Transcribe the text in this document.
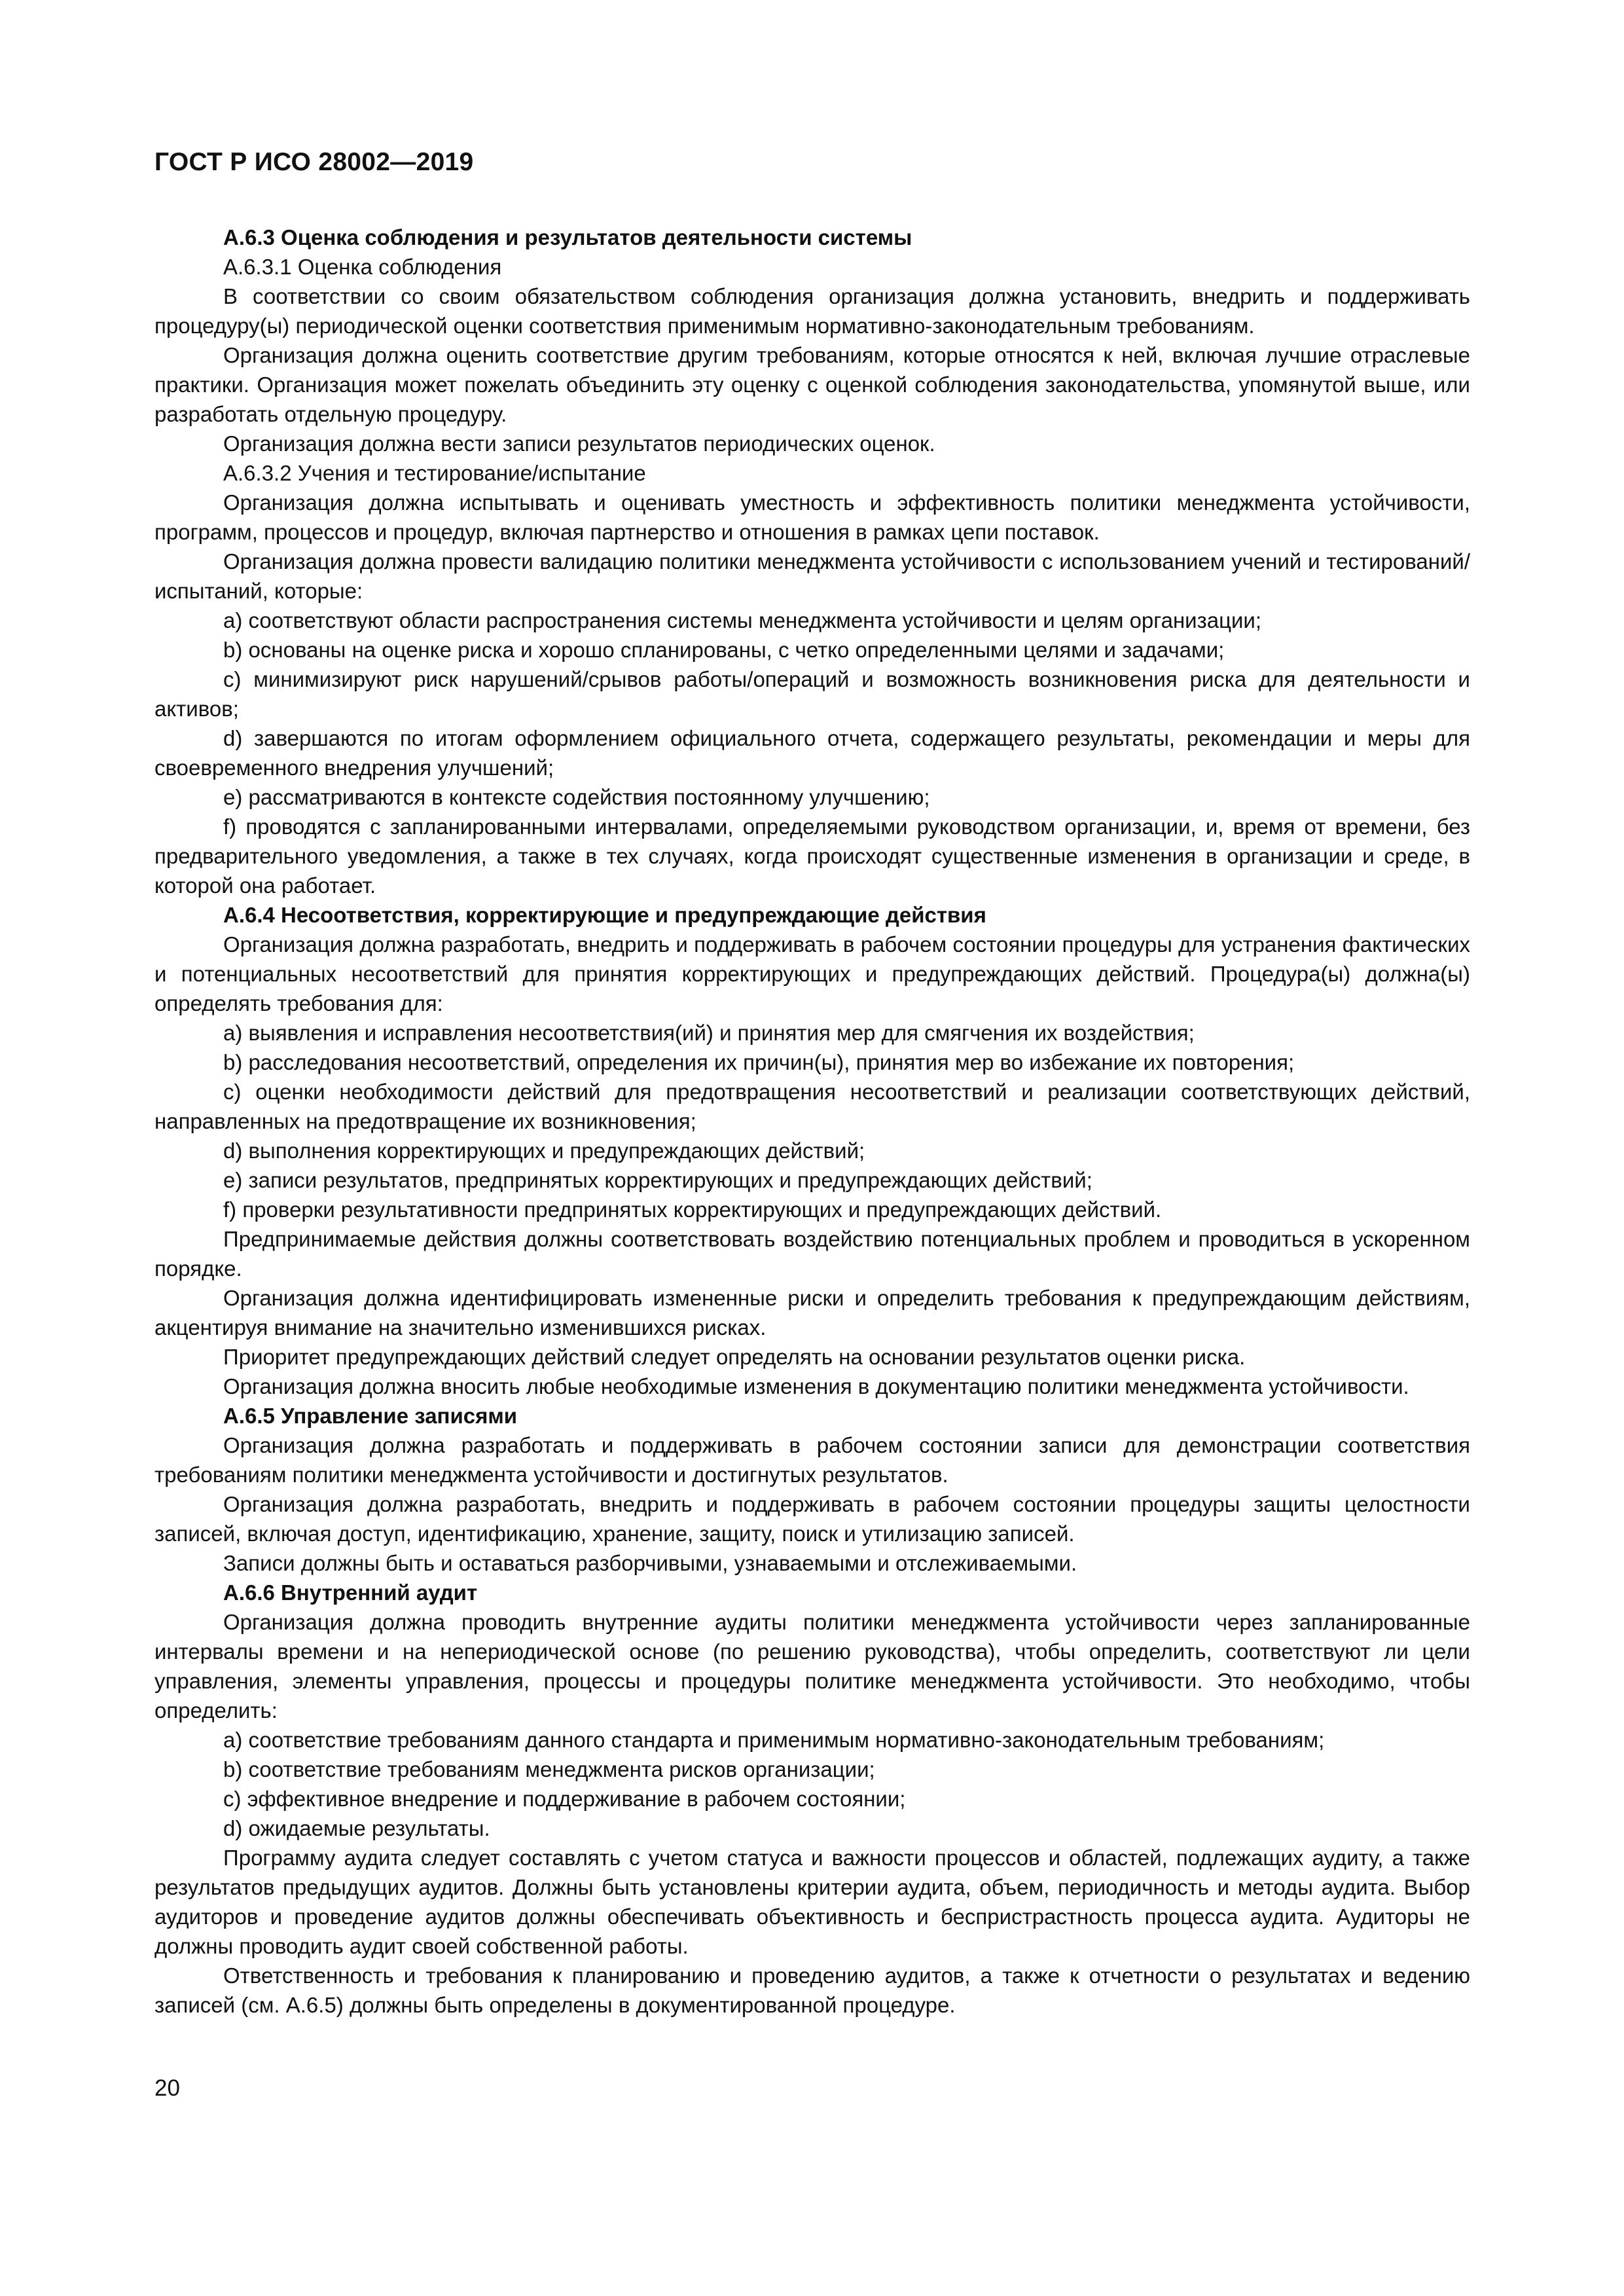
ГОСТ Р ИСО 28002—2019

А.6.3 Оценка соблюдения и результатов деятельности системы

А.6.3.1 Оценка соблюдения

В соответствии со своим обязательством соблюдения организация должна установить, внедрить и поддерживать процедуру(ы) периодической оценки соответствия применимым нормативно-законодательным требованиям.

Организация должна оценить соответствие другим требованиям, которые относятся к ней, включая лучшие отраслевые практики. Организация может пожелать объединить эту оценку с оценкой соблюдения законодательства, упомянутой выше, или разработать отдельную процедуру.

Организация должна вести записи результатов периодических оценок.

А.6.3.2 Учения и тестирование/испытание

Организация должна испытывать и оценивать уместность и эффективность политики менеджмента устойчивости, программ, процессов и процедур, включая партнерство и отношения в рамках цепи поставок.

Организация должна провести валидацию политики менеджмента устойчивости с использованием учений и тестирований/испытаний, которые:

а) соответствуют области распространения системы менеджмента устойчивости и целям организации;

b) основаны на оценке риска и хорошо спланированы, с четко определенными целями и задачами;

с) минимизируют риск нарушений/срывов работы/операций и возможность возникновения риска для деятельности и активов;

d) завершаются по итогам оформлением официального отчета, содержащего результаты, рекомендации и меры для своевременного внедрения улучшений;

е) рассматриваются в контексте содействия постоянному улучшению;

f) проводятся с запланированными интервалами, определяемыми руководством организации, и, время от времени, без предварительного уведомления, а также в тех случаях, когда происходят существенные изменения в организации и среде, в которой она работает.

А.6.4 Несоответствия, корректирующие и предупреждающие действия

Организация должна разработать, внедрить и поддерживать в рабочем состоянии процедуры для устранения фактических и потенциальных несоответствий для принятия корректирующих и предупреждающих действий. Процедура(ы) должна(ы) определять требования для:

а) выявления и исправления несоответствия(ий) и принятия мер для смягчения их воздействия;

b) расследования несоответствий, определения их причин(ы), принятия мер во избежание их повторения;

с) оценки необходимости действий для предотвращения несоответствий и реализации соответствующих действий, направленных на предотвращение их возникновения;

d) выполнения корректирующих и предупреждающих действий;

е) записи результатов, предпринятых корректирующих и предупреждающих действий;

f) проверки результативности предпринятых корректирующих и предупреждающих действий.

Предпринимаемые действия должны соответствовать воздействию потенциальных проблем и проводиться в ускоренном порядке.

Организация должна идентифицировать измененные риски и определить требования к предупреждающим действиям, акцентируя внимание на значительно изменившихся рисках.

Приоритет предупреждающих действий следует определять на основании результатов оценки риска.

Организация должна вносить любые необходимые изменения в документацию политики менеджмента устойчивости.

А.6.5 Управление записями

Организация должна разработать и поддерживать в рабочем состоянии записи для демонстрации соответствия требованиям политики менеджмента устойчивости и достигнутых результатов.

Организация должна разработать, внедрить и поддерживать в рабочем состоянии процедуры защиты целостности записей, включая доступ, идентификацию, хранение, защиту, поиск и утилизацию записей.

Записи должны быть и оставаться разборчивыми, узнаваемыми и отслеживаемыми.

А.6.6 Внутренний аудит

Организация должна проводить внутренние аудиты политики менеджмента устойчивости через запланированные интервалы времени и на непериодической основе (по решению руководства), чтобы определить, соответствуют ли цели управления, элементы управления, процессы и процедуры политике менеджмента устойчивости. Это необходимо, чтобы определить:

а) соответствие требованиям данного стандарта и применимым нормативно-законодательным требованиям;

b) соответствие требованиям менеджмента рисков организации;

с) эффективное внедрение и поддерживание в рабочем состоянии;

d) ожидаемые результаты.

Программу аудита следует составлять с учетом статуса и важности процессов и областей, подлежащих аудиту, а также результатов предыдущих аудитов. Должны быть установлены критерии аудита, объем, периодичность и методы аудита. Выбор аудиторов и проведение аудитов должны обеспечивать объективность и беспристрастность процесса аудита. Аудиторы не должны проводить аудит своей собственной работы.

Ответственность и требования к планированию и проведению аудитов, а также к отчетности о результатах и ведению записей (см. А.6.5) должны быть определены в документированной процедуре.

20
